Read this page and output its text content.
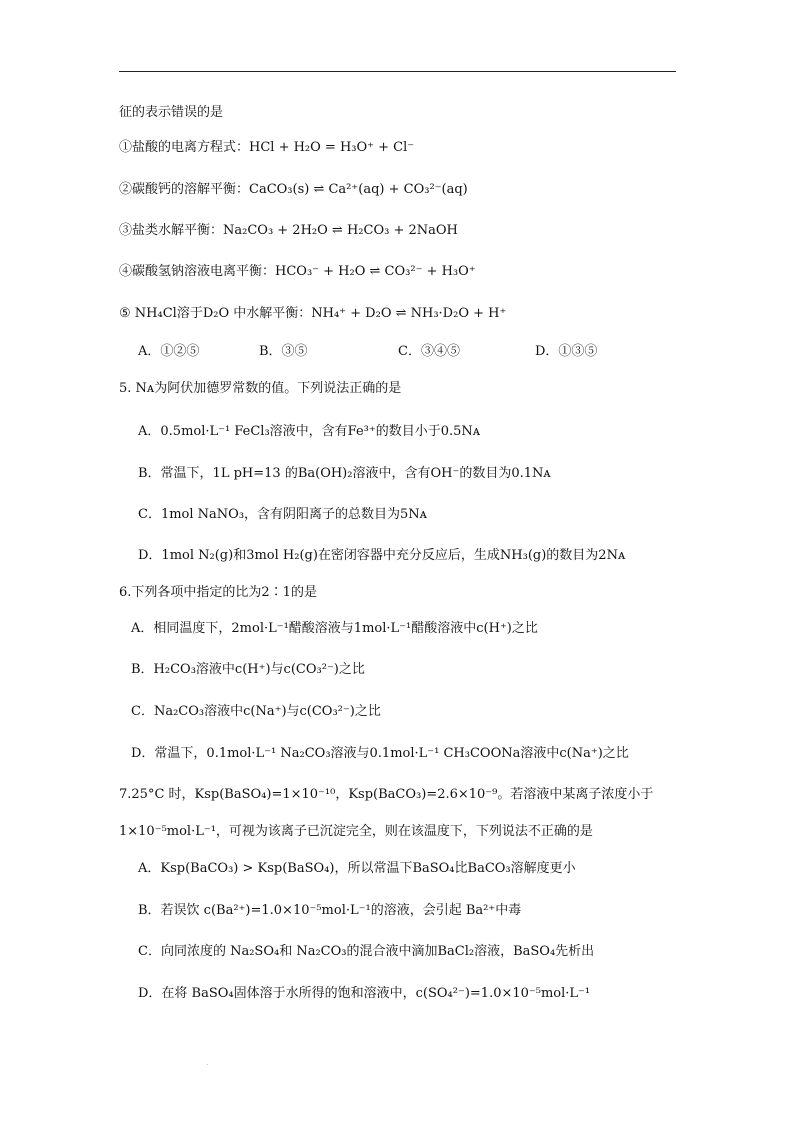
征的表示错误的是
①盐酸的电离方程式：HCl + H₂O = H₃O⁺ + Cl⁻
②碳酸钙的溶解平衡：CaCO₃(s) ⇌ Ca²⁺(aq) + CO₃²⁻(aq)
③盐类水解平衡：Na₂CO₃ + 2H₂O ⇌ H₂CO₃ + 2NaOH
④碳酸氢钠溶液电离平衡：HCO₃⁻ + H₂O ⇌ CO₃²⁻ + H₃O⁺
⑤ NH₄Cl溶于D₂O 中水解平衡：NH₄⁺ + D₂O ⇌ NH₃·D₂O + H⁺
A．①②⑤	B．③⑤	C．③④⑤	D．①③⑤
5. Nᴀ为阿伏加德罗常数的值。下列说法正确的是
A．0.5mol·L⁻¹ FeCl₃溶液中，含有Fe³⁺的数目小于0.5Nᴀ
B．常温下，1L pH=13 的Ba(OH)₂溶液中，含有OH⁻的数目为0.1Nᴀ
C．1mol NaNO₃，含有阴阳离子的总数目为5Nᴀ
D．1mol N₂(g)和3mol H₂(g)在密闭容器中充分反应后，生成NH₃(g)的数目为2Nᴀ
6.下列各项中指定的比为2∶1的是
A．相同温度下，2mol·L⁻¹醋酸溶液与1mol·L⁻¹醋酸溶液中c(H⁺)之比
B．H₂CO₃溶液中c(H⁺)与c(CO₃²⁻)之比
C．Na₂CO₃溶液中c(Na⁺)与c(CO₃²⁻)之比
D．常温下，0.1mol·L⁻¹ Na₂CO₃溶液与0.1mol·L⁻¹ CH₃COONa溶液中c(Na⁺)之比
7.25°C 时，Ksp(BaSO₄)=1×10⁻¹⁰，Ksp(BaCO₃)=2.6×10⁻⁹。若溶液中某离子浓度小于
1×10⁻⁵mol·L⁻¹，可视为该离子已沉淀完全，则在该温度下，下列说法不正确的是
A．Ksp(BaCO₃) > Ksp(BaSO₄)，所以常温下BaSO₄比BaCO₃溶解度更小
B．若误饮 c(Ba²⁺)=1.0×10⁻⁵mol·L⁻¹的溶液，会引起 Ba²⁺中毒
C．向同浓度的 Na₂SO₄和 Na₂CO₃的混合液中滴加BaCl₂溶液，BaSO₄先析出
D．在将 BaSO₄固体溶于水所得的饱和溶液中，c(SO₄²⁻)=1.0×10⁻⁵mol·L⁻¹
.
